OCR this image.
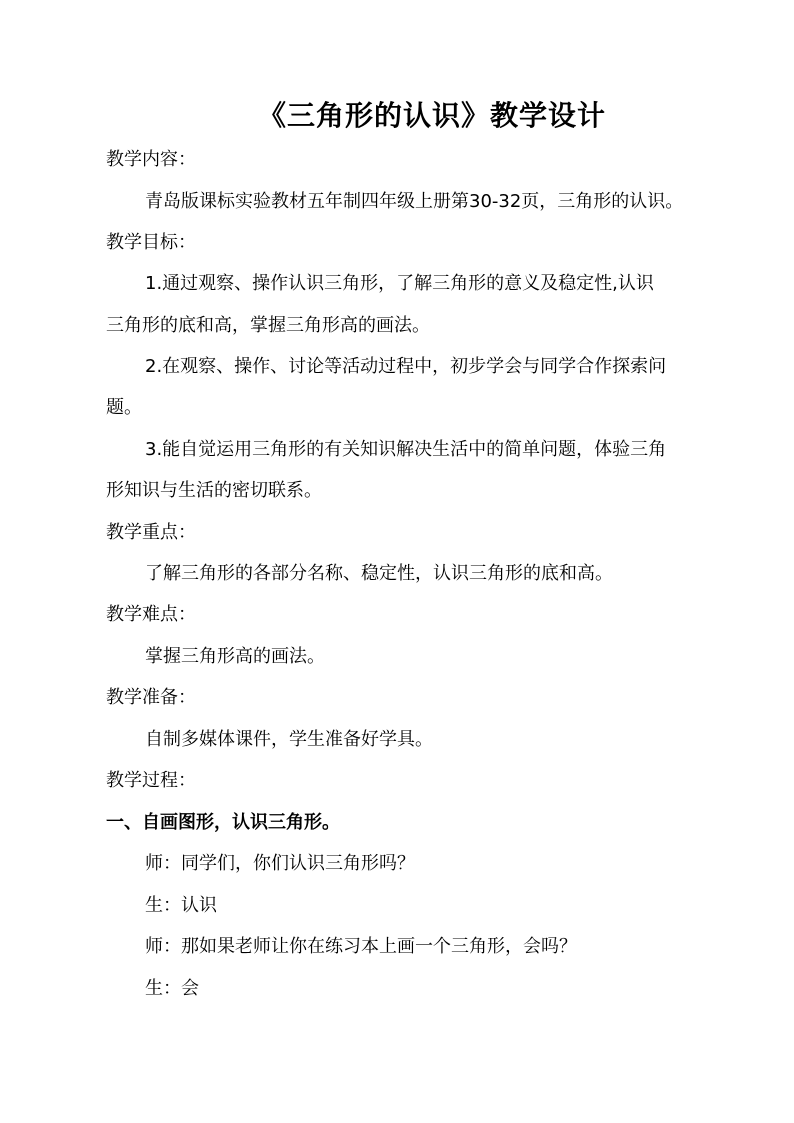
《三角形的认识》教学设计
教学内容：
青岛版课标实验教材五年制四年级上册第30-32页，三角形的认识。
教学目标：
1.通过观察、操作认识三角形，了解三角形的意义及稳定性,认识
三角形的底和高，掌握三角形高的画法。
2.在观察、操作、讨论等活动过程中，初步学会与同学合作探索问
题。
3.能自觉运用三角形的有关知识解决生活中的简单问题，体验三角
形知识与生活的密切联系。
教学重点：
了解三角形的各部分名称、稳定性，认识三角形的底和高。
教学难点：
掌握三角形高的画法。
教学准备：
自制多媒体课件，学生准备好学具。
教学过程：
一、自画图形，认识三角形。
师：同学们，你们认识三角形吗？
生：认识
师：那如果老师让你在练习本上画一个三角形，会吗？
生：会
